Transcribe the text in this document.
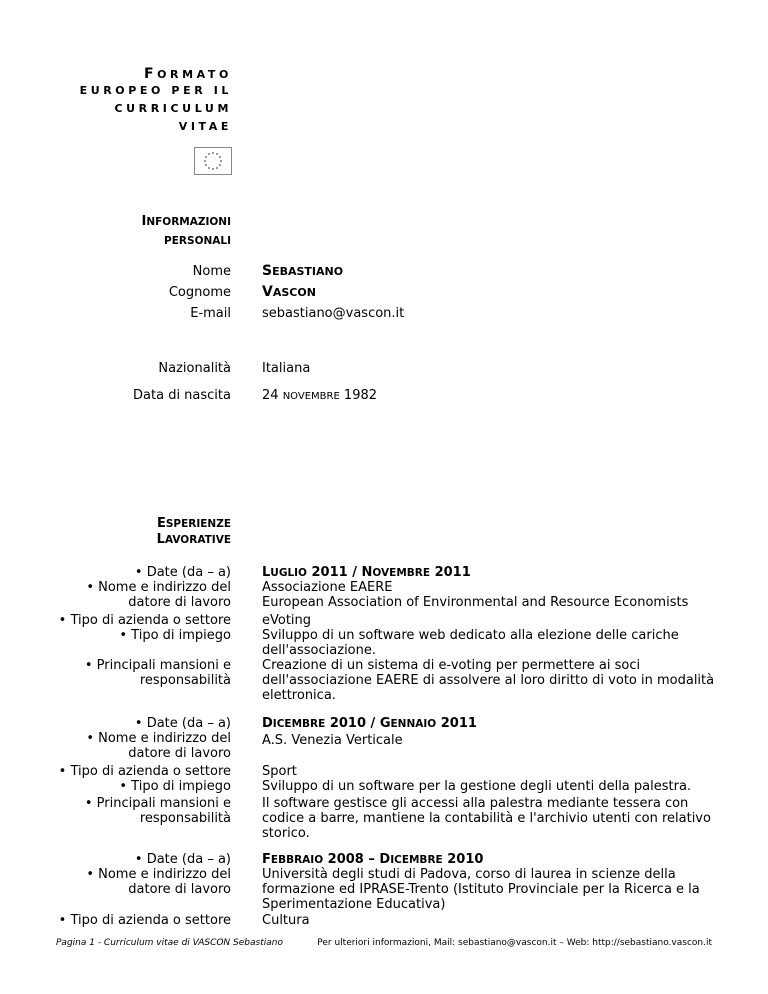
FORMATO
EUROPEO PER IL
CURRICULUM
VITAE
INFORMAZIONI
PERSONALI
Nome SEBASTIANO
Cognome VASCON
E-mail sebastiano@vascon.it
Nazionalità Italiana
Data di nascita 24 NOVEMBRE 1982
ESPERIENZE
LAVORATIVE
• Date (da – a)
• Nome e indirizzo del
datore di lavoro
• Tipo di azienda o settore
• Tipo di impiego
• Principali mansioni e
responsabilità
LUGLIO 2011 / NOVEMBRE 2011
Associazione EAERE
European Association of Environmental and Resource Economists
eVoting
Sviluppo di un software web dedicato alla elezione delle cariche dell'associazione.
Creazione di un sistema di e-voting per permettere ai soci dell'associazione EAERE di assolvere al loro diritto di voto in modalità elettronica.
• Date (da – a)
• Nome e indirizzo del
datore di lavoro
• Tipo di azienda o settore
• Tipo di impiego
• Principali mansioni e
responsabilità
DICEMBRE 2010 / GENNAIO 2011
A.S. Venezia Verticale
Sport
Sviluppo di un software per la gestione degli utenti della palestra.
Il software gestisce gli accessi alla palestra mediante tessera con codice a barre, mantiene la contabilità e l'archivio utenti con relativo storico.
• Date (da – a)
• Nome e indirizzo del
datore di lavoro
• Tipo di azienda o settore
FEBBRAIO 2008 – DICEMBRE 2010
Università degli studi di Padova, corso di laurea in scienze della formazione ed IPRASE-Trento (Istituto Provinciale per la Ricerca e la Sperimentazione Educativa)
Cultura
Pagina 1 - Curriculum vitae di VASCON Sebastiano	Per ulteriori informazioni, Mail: sebastiano@vascon.it – Web: http://sebastiano.vascon.it
